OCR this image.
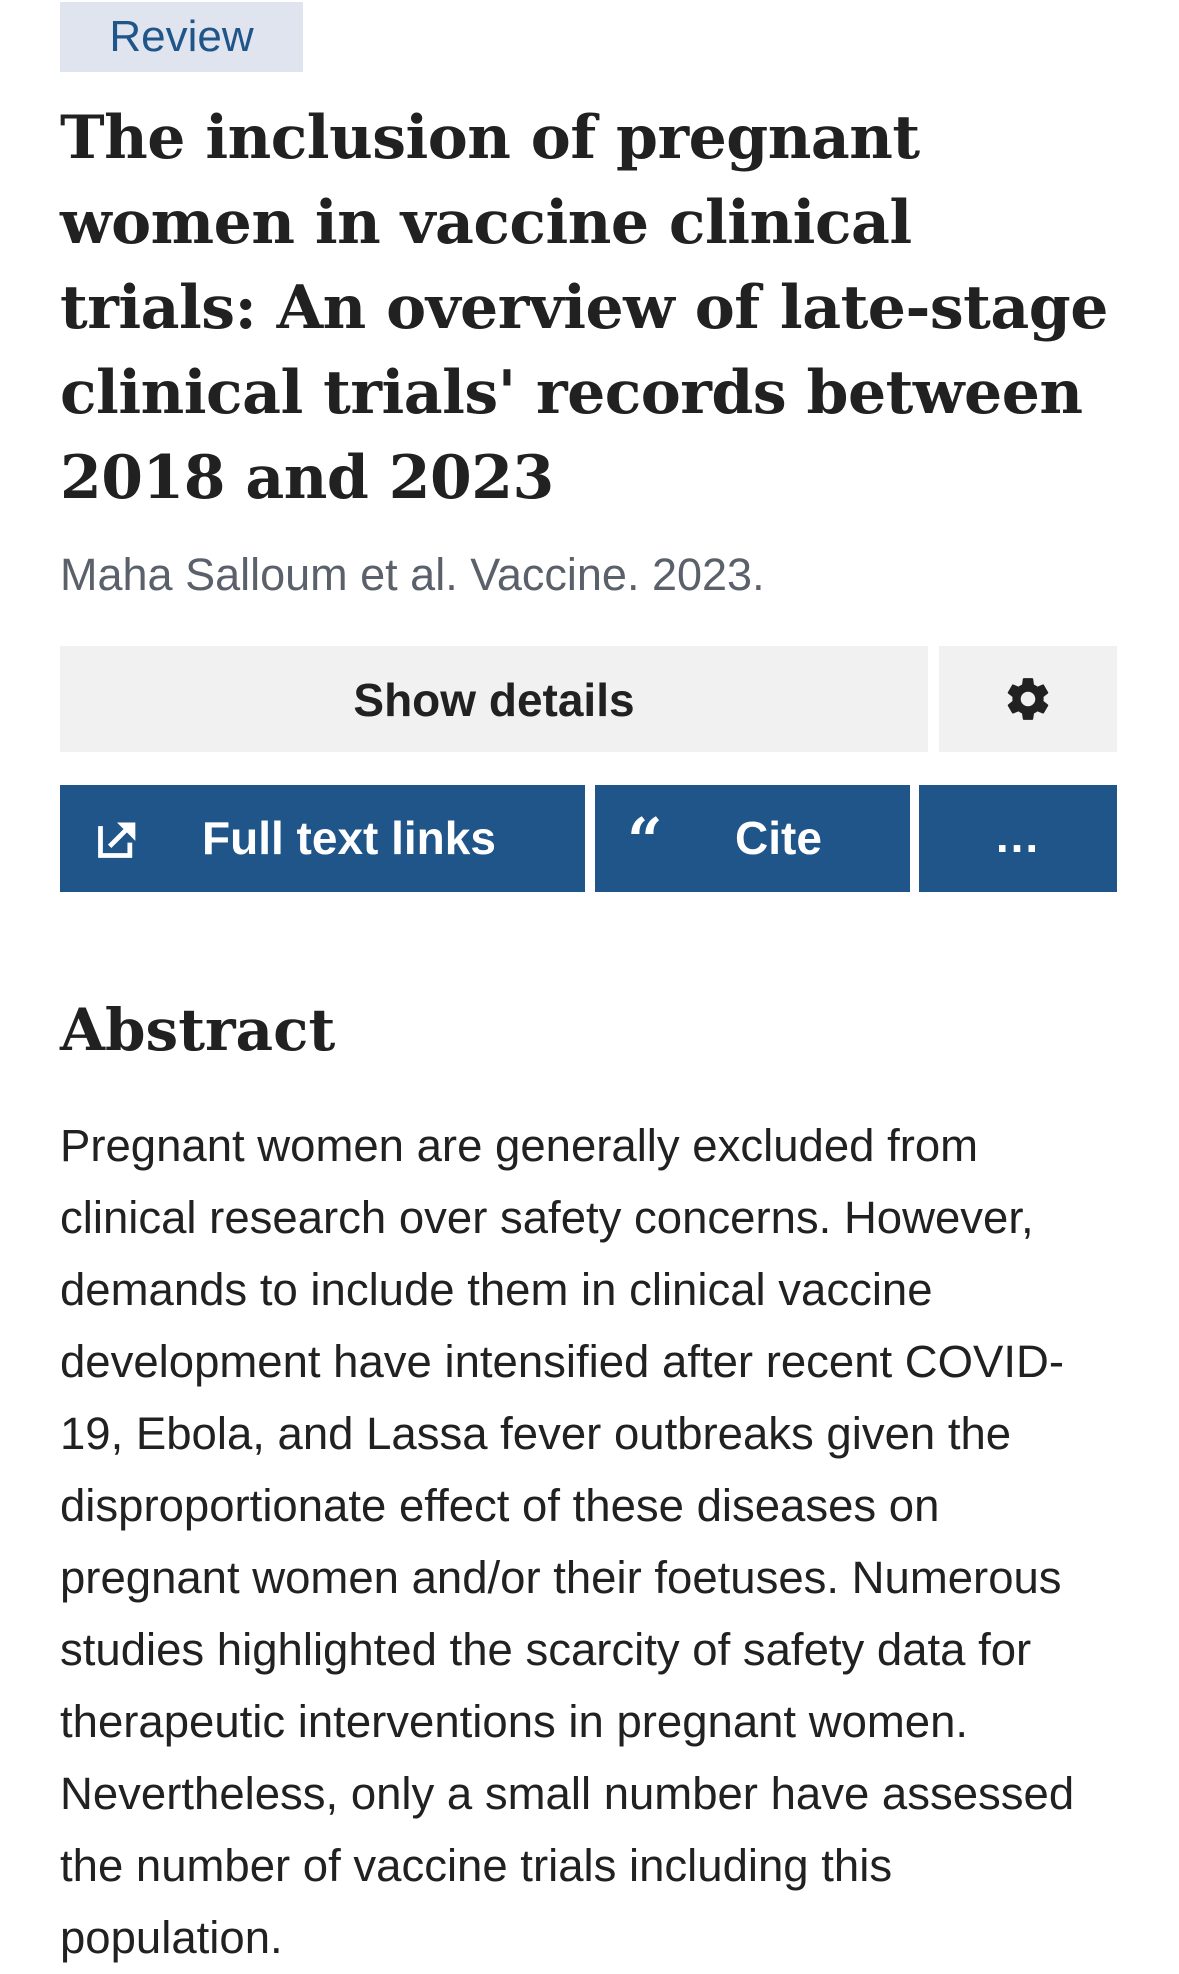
Review
The inclusion of pregnant women in vaccine clinical trials: An overview of late-stage clinical trials' records between 2018 and 2023
Maha Salloum et al. Vaccine. 2023.
Show details
Full text links “ Cite	...
Abstract

Pregnant women are generally excluded from clinical research over safety concerns. However, demands to include them in clinical vaccine development have intensified after recent COVID-19, Ebola, and Lassa fever outbreaks given the disproportionate effect of these diseases on pregnant women and/or their foetuses. Numerous studies highlighted the scarcity of safety data for therapeutic interventions in pregnant women. Nevertheless, only a small number have assessed the number of vaccine trials including this population.
